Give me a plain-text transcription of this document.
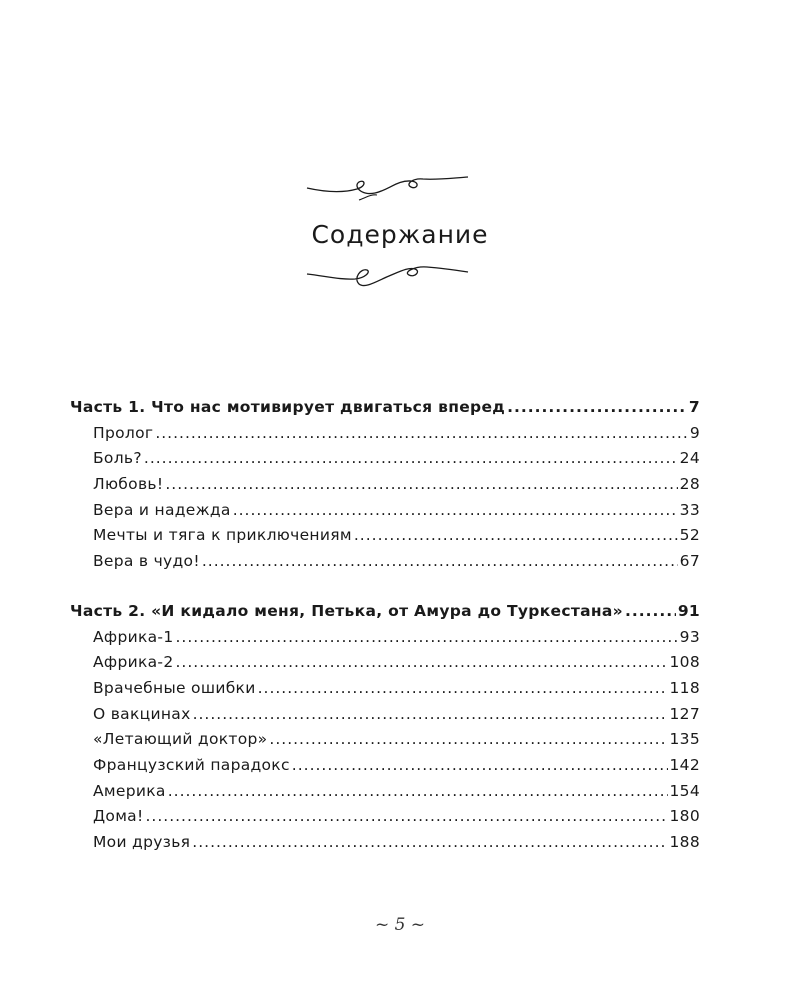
Содержание
Часть 1. Что нас мотивирует двигаться вперед .....	7
Пролог .....	9
Боль? .....	24
Любовь! .....	28
Вера и надежда .....	33
Мечты и тяга к приключениям .....	52
Вера в чудо! .....	67
Часть 2. «И кидало меня, Петька, от Амура до Туркестана» .....	91
Африка-1 .....	93
Африка-2 .....	108
Врачебные ошибки .....	118
О вакцинах .....	127
«Летающий доктор» .....	135
Французский парадокс .....	142
Америка .....	154
Дома! .....	180
Мои друзья .....	188
~ 5 ~
